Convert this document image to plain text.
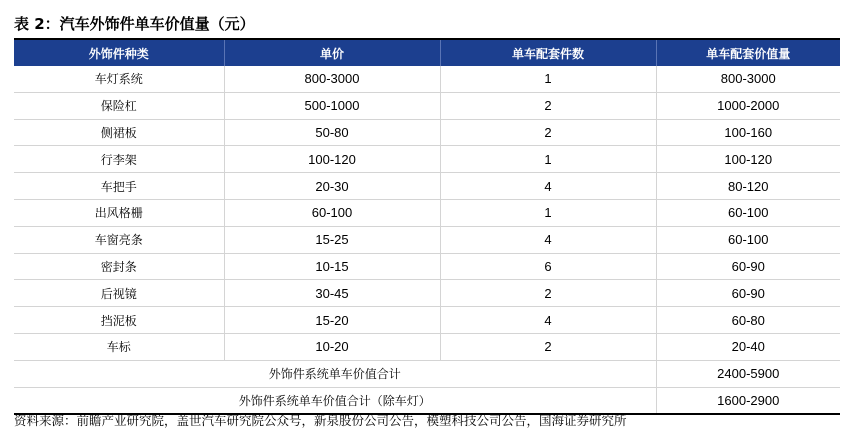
表 2：汽车外饰件单车价值量（元）
外饰件种类	单价	单车配套件数	单车配套价值量
车灯系统	800-3000	1	800-3000
保险杠	500-1000	2	1000-2000
侧裙板	50-80	2	100-160
行李架	100-120	1	100-120
车把手	20-30	4	80-120
出风格栅	60-100	1	60-100
车窗亮条	15-25	4	60-100
密封条	10-15	6	60-90
后视镜	30-45	2	60-90
挡泥板	15-20	4	60-80
车标	10-20	2	20-40
外饰件系统单车价值合计			2400-5900
外饰件系统单车价值合计（除车灯）			1600-2900
资料来源：前瞻产业研究院，盖世汽车研究院公众号，新泉股份公司公告，模塑科技公司公告，国海证券研究所
